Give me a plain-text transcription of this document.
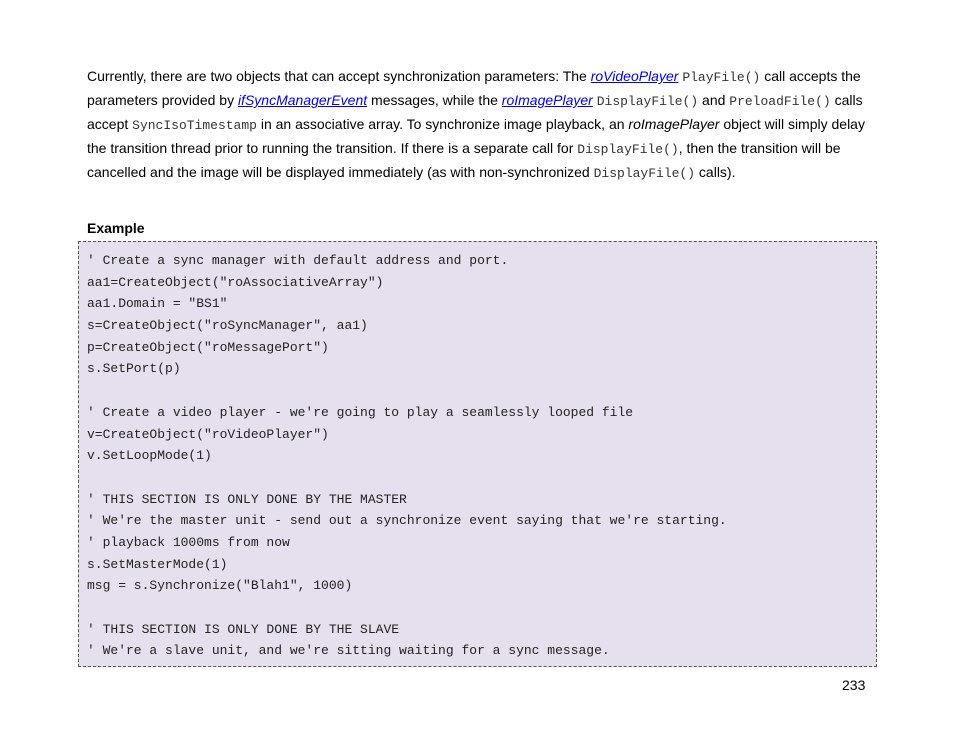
Currently, there are two objects that can accept synchronization parameters: The roVideoPlayer PlayFile() call accepts the parameters provided by ifSyncManagerEvent messages, while the roImagePlayer DisplayFile() and PreloadFile() calls accept SyncIsoTimestamp in an associative array. To synchronize image playback, an roImagePlayer object will simply delay the transition thread prior to running the transition. If there is a separate call for DisplayFile(), then the transition will be cancelled and the image will be displayed immediately (as with non-synchronized DisplayFile() calls).

Example

' Create a sync manager with default address and port.
aa1=CreateObject("roAssociativeArray")
aa1.Domain = "BS1"
s=CreateObject("roSyncManager", aa1)
p=CreateObject("roMessagePort")
s.SetPort(p)
' Create a video player - we're going to play a seamlessly looped file
v=CreateObject("roVideoPlayer")
v.SetLoopMode(1)
' THIS SECTION IS ONLY DONE BY THE MASTER
' We're the master unit - send out a synchronize event saying that we're starting.
' playback 1000ms from now
s.SetMasterMode(1)
msg = s.Synchronize("Blah1", 1000)
' THIS SECTION IS ONLY DONE BY THE SLAVE
' We're a slave unit, and we're sitting waiting for a sync message.

233
